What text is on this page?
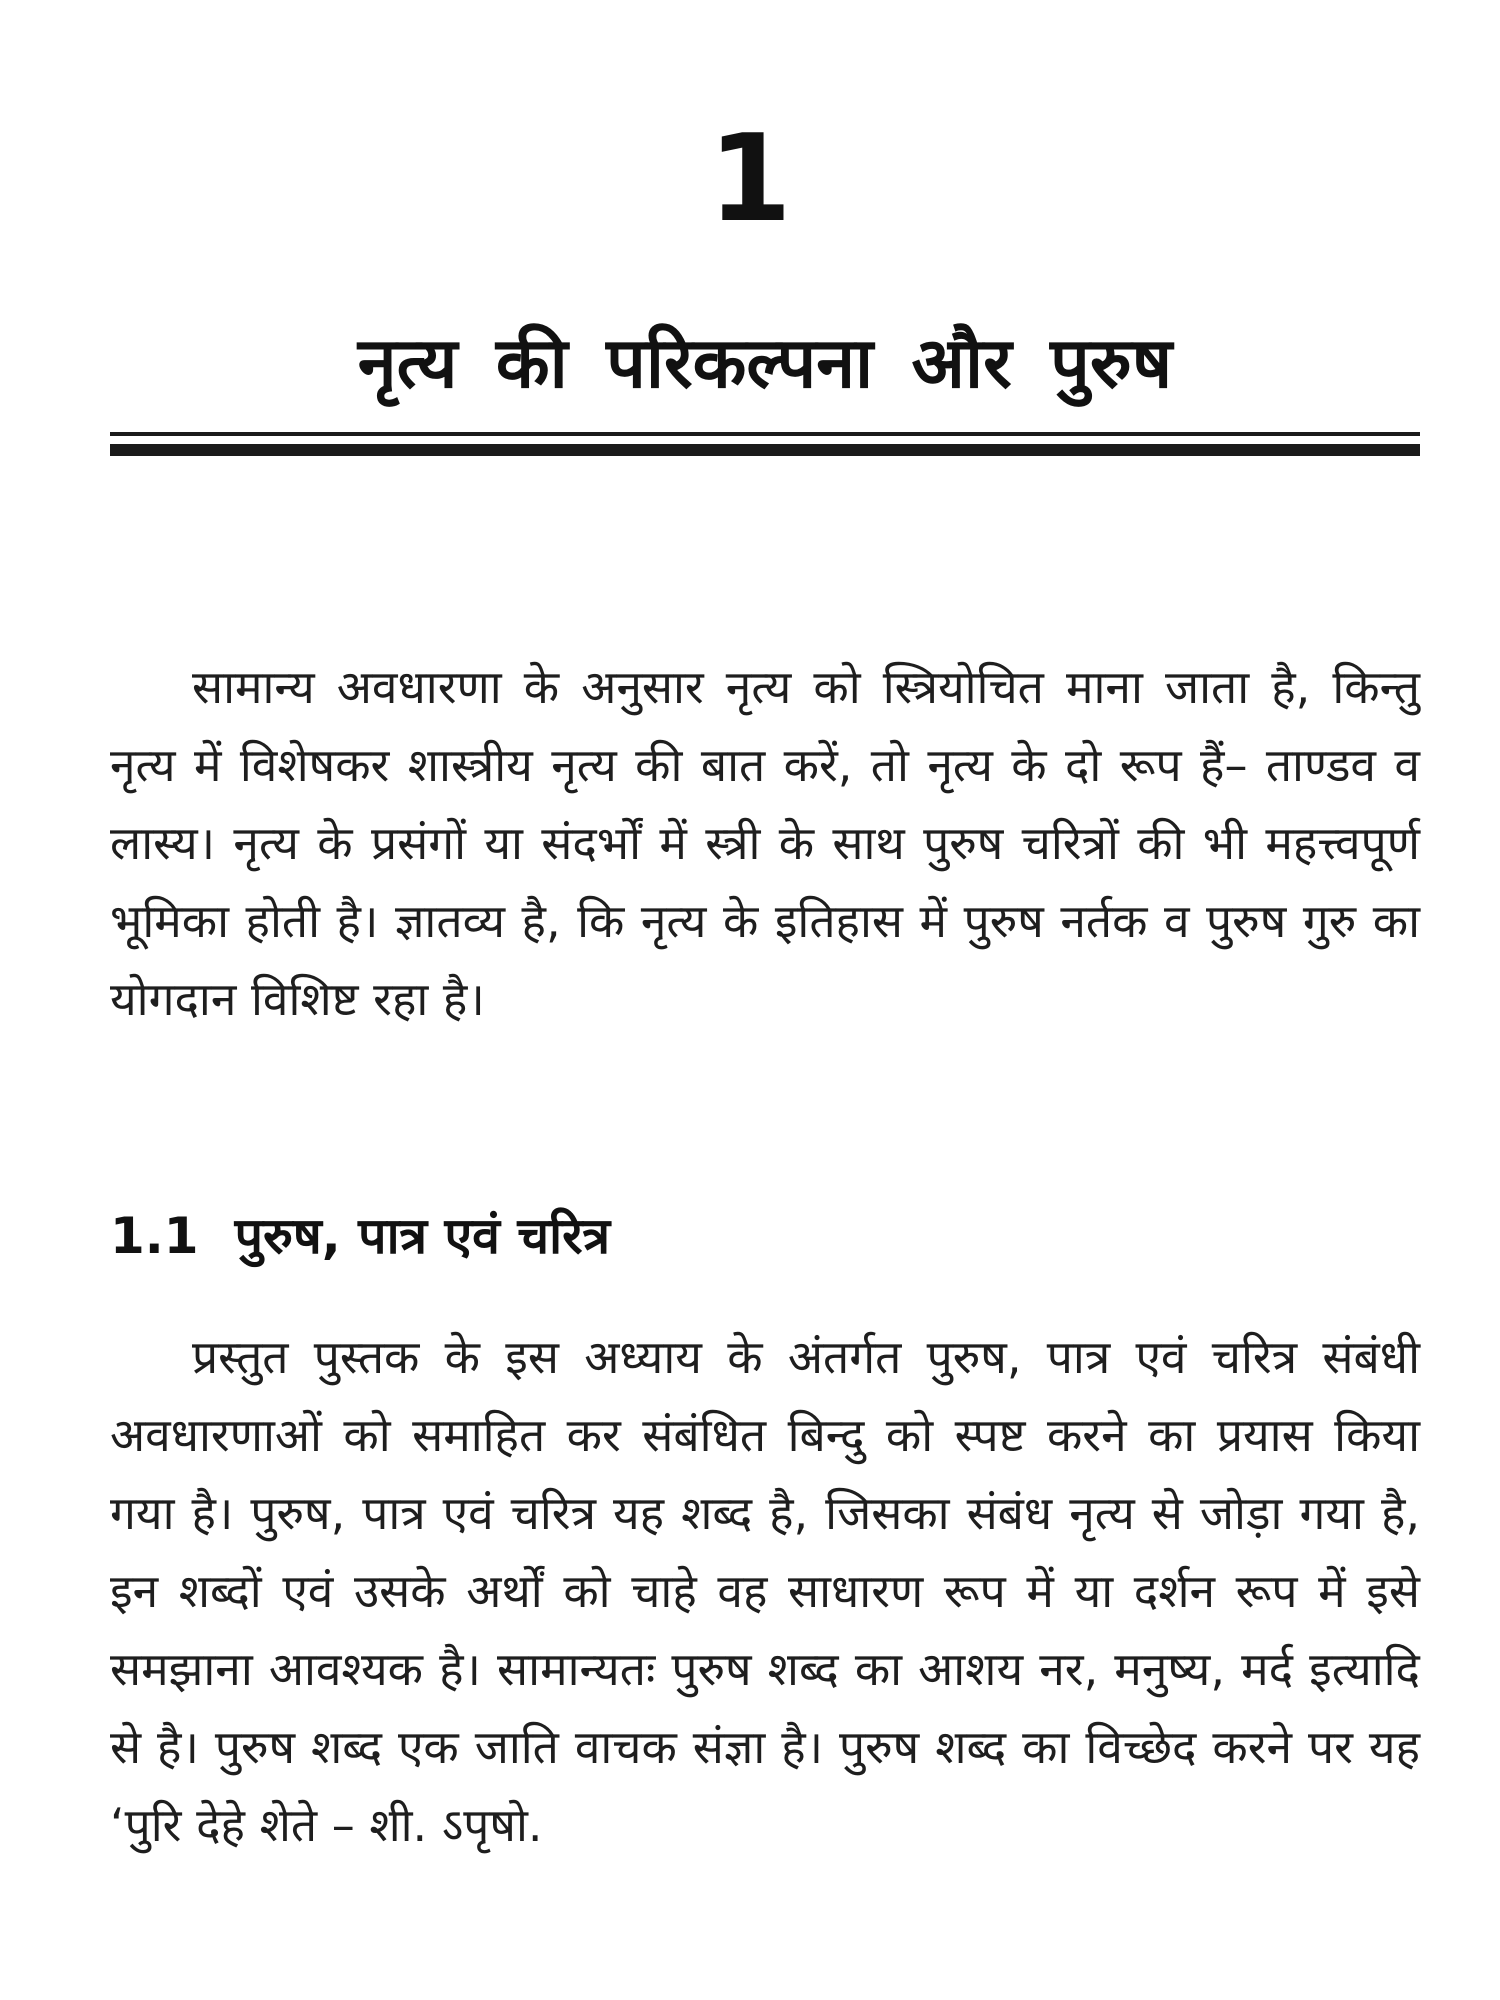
1
नृत्य की परिकल्पना और पुरुष

सामान्य अवधारणा के अनुसार नृत्य को स्त्रियोचित माना जाता है, किन्तु नृत्य में विशेषकर शास्त्रीय नृत्य की बात करें, तो नृत्य के दो रूप हैं– ताण्डव व लास्य। नृत्य के प्रसंगों या संदर्भों में स्त्री के साथ पुरुष चरित्रों की भी महत्त्वपूर्ण भूमिका होती है। ज्ञातव्य है, कि नृत्य के इतिहास में पुरुष नर्तक व पुरुष गुरु का योगदान विशिष्ट रहा है।

1.1 पुरुष, पात्र एवं चरित्र

प्रस्तुत पुस्तक के इस अध्याय के अंतर्गत पुरुष, पात्र एवं चरित्र संबंधी अवधारणाओं को समाहित कर संबंधित बिन्दु को स्पष्ट करने का प्रयास किया गया है। पुरुष, पात्र एवं चरित्र यह शब्द है, जिसका संबंध नृत्य से जोड़ा गया है, इन शब्दों एवं उसके अर्थों को चाहे वह साधारण रूप में या दर्शन रूप में इसे समझाना आवश्यक है। सामान्यतः पुरुष शब्द का आशय नर, मनुष्य, मर्द इत्यादि से है। पुरुष शब्द एक जाति वाचक संज्ञा है। पुरुष शब्द का विच्छेद करने पर यह ‘पुरि देहे शेते – शी. ऽपृषो.
